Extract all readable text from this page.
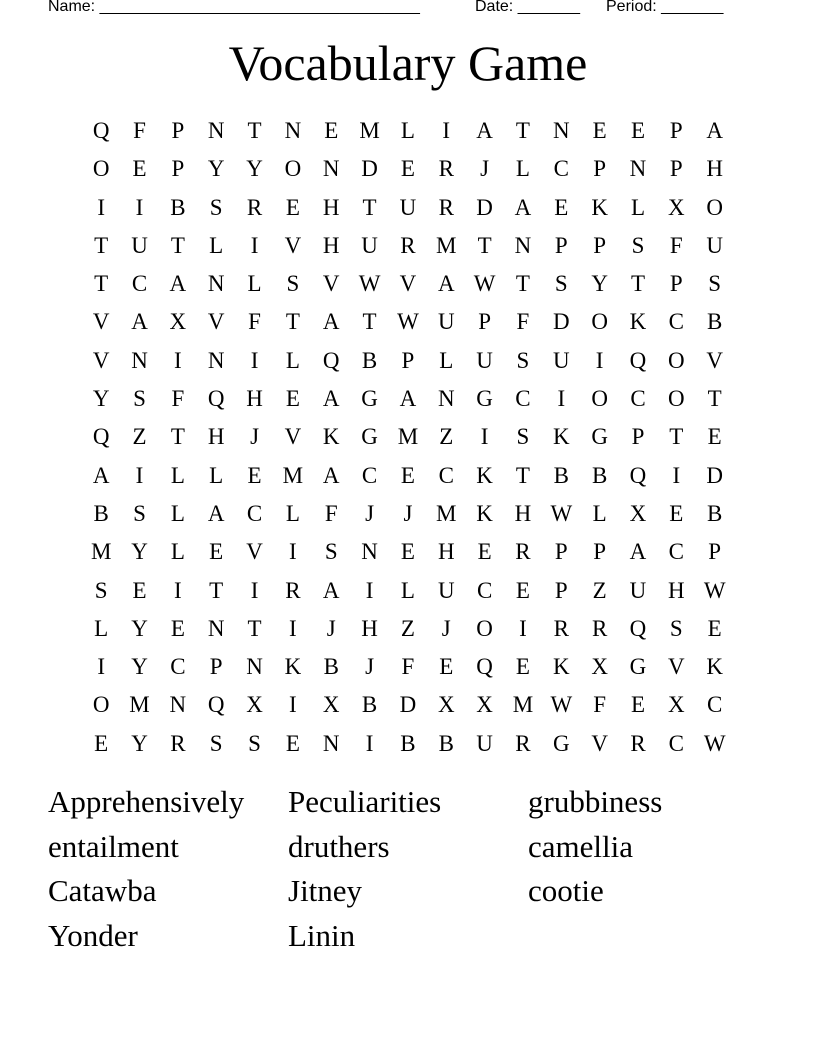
Name: ____________________________________	Date: _______ Period: _______
Vocabulary Game
Q	F	P	N	T	N	E M L	I	A	T	N	E	E	P	A
O	E	P	Y Y O N D	E	R	J	L	C	P	N	P	H
I	I	B	S	R	E	H	T	U R D A	E	K	L	X O
T	U	T	L	I	V H U R M T	N	P	P	S	F	U
T	C A N	L	S	V W V A W T	S	Y	T	P	S
V A X V	F	T	A	T W U	P	F	D O K C	B
V N	I	N	I	L	Q B	P	L	U	S	U	I	Q O V
Y	S	F	Q H	E	A G A N G C	I	O C O	T
Q	Z	T	H	J	V K G M Z	I	S	K G	P	T	E
A	I	L	L	E M A C	E	C K	T	B	B Q	I	D
B	S	L	A C	L	F	J	J	M K H W L	X	E	B
M Y	L	E	V	I	S	N	E	H	E	R	P	P	A C	P
S	E	I	T	I	R A	I	L	U C	E	P	Z	U H W
L	Y	E	N	T	I	J	H	Z	J	O	I	R	R Q	S	E
I	Y C	P	N K B	J	F	E	Q	E	K X G V K
O M N Q X	I	X B D X X M W F	E	X C
E	Y R	S	S	E	N	I	B	B U R G V R	C W
Apprehensively	Peculiarities	grubbiness
entailment	druthers	camellia
Catawba	Jitney	cootie
Yonder	Linin
